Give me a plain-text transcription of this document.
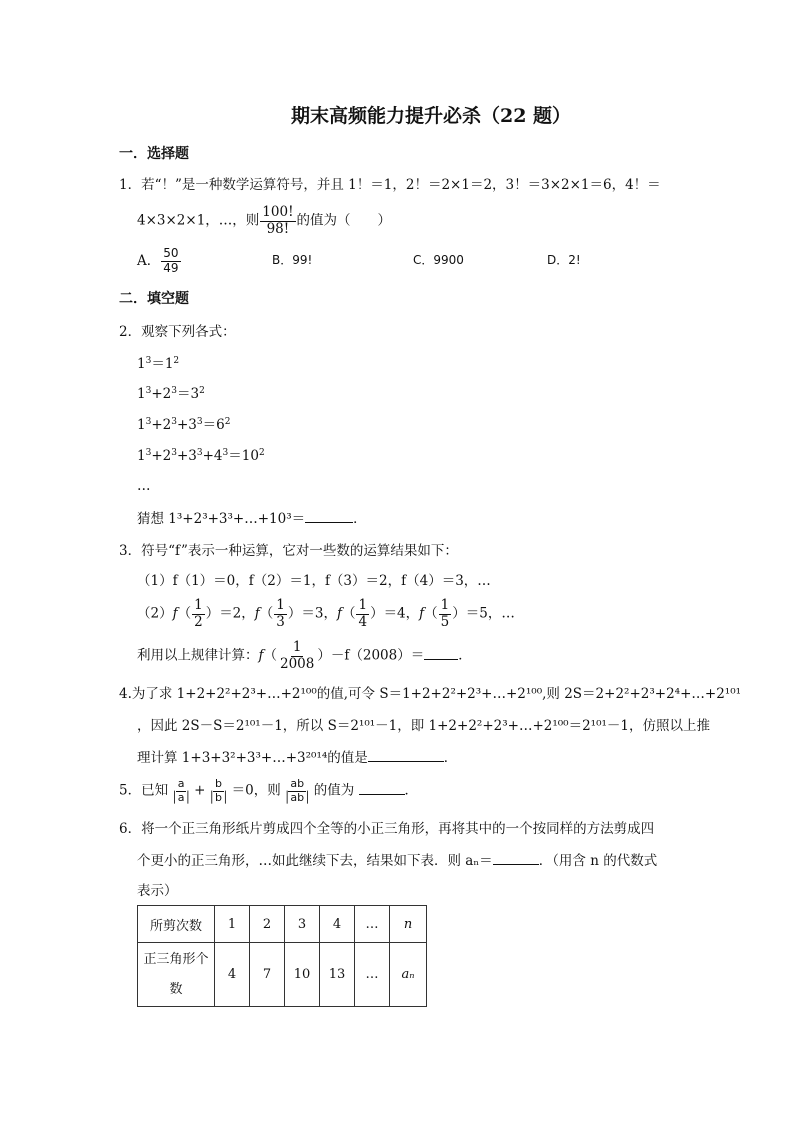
期末高频能力提升必杀（22 题）
一．选择题
1．若“！”是一种数学运算符号，并且 1！＝1，2！＝2×1＝2，3！＝3×2×1＝6，4！＝
4×3×2×1，…，则 $\frac{100!}{98!}$ 的值为（　　）
A． $\frac{50}{49}$	B．99!	C．9900	D．2!
二．填空题
2．观察下列各式：
$1^3=1^2$
$1^3+2^3=3^2$
$1^3+2^3+3^3=6^2$
$1^3+2^3+3^3+4^3=10^2$
…
猜想 1³+2³+3³+…+10³＝	．
3．符号“f”表示一种运算，它对一些数的运算结果如下：
（1）f（1）＝0，f（2）＝1，f（3）＝2，f（4）＝3，…
$(2)f( \frac{1}{2} )=2$，$f( \frac{1}{3} )=3$，$f( \frac{1}{4} )=4$，$f( \frac{1}{5} )=5$，…
利用以上规律计算：$f( \frac{1}{2008} )-f(2008)=$	．
4.为了求 1+2+2²+2³+…+2¹⁰⁰的值,可令 S＝1+2+2²+2³+…+2¹⁰⁰,则 2S＝2+2²+2³+2⁴+…+2¹⁰¹
，因此 2S－S＝2¹⁰¹－1，所以 S＝2¹⁰¹－1，即 1+2+2²+2³+…+2¹⁰⁰＝2¹⁰¹－1，仿照以上推
理计算 1+3+3²+3³+…+3²⁰¹⁴的值是	．
5．已知 $\frac{a}{│a│} + \frac{b}{│b│} =0$，则 $\frac{ab}{│ab│}$ 的值为	．
6．将一个正三角形纸片剪成四个全等的小正三角形，再将其中的一个按同样的方法剪成四
个更小的正三角形，…如此继续下去，结果如下表．则 aₙ＝	．（用含 n 的代数式
表示）
所剪次数	1	2	3	4	…	n
正三角形个数	4	7	10	13	…	aₙ
